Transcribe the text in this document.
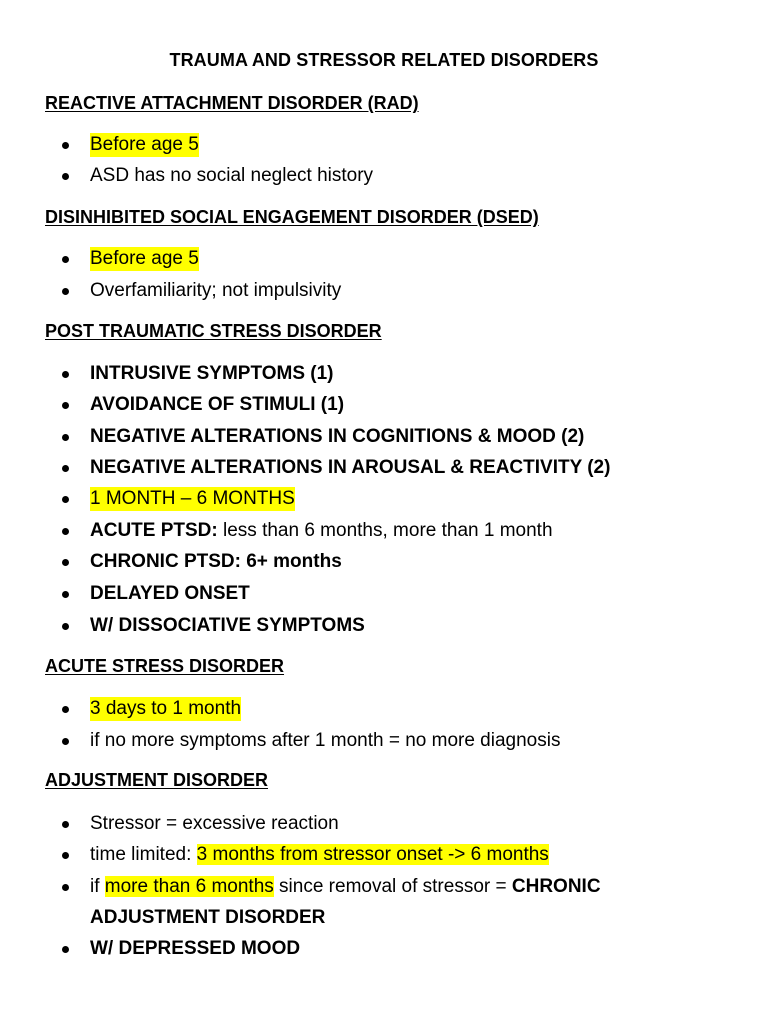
TRAUMA AND STRESSOR RELATED DISORDERS
REACTIVE ATTACHMENT DISORDER (RAD)
Before age 5
ASD has no social neglect history
DISINHIBITED SOCIAL ENGAGEMENT DISORDER (DSED)
Before age 5
Overfamiliarity; not impulsivity
POST TRAUMATIC STRESS DISORDER
INTRUSIVE SYMPTOMS (1)
AVOIDANCE OF STIMULI (1)
NEGATIVE ALTERATIONS IN COGNITIONS & MOOD (2)
NEGATIVE ALTERATIONS IN AROUSAL & REACTIVITY (2)
1 MONTH – 6 MONTHS
ACUTE PTSD: less than 6 months, more than 1 month
CHRONIC PTSD: 6+ months
DELAYED ONSET
W/ DISSOCIATIVE SYMPTOMS
ACUTE STRESS DISORDER
3 days to 1 month
if no more symptoms after 1 month = no more diagnosis
ADJUSTMENT DISORDER
Stressor = excessive reaction
time limited: 3 months from stressor onset -> 6 months
if more than 6 months since removal of stressor = CHRONIC
ADJUSTMENT DISORDER
W/ DEPRESSED MOOD
